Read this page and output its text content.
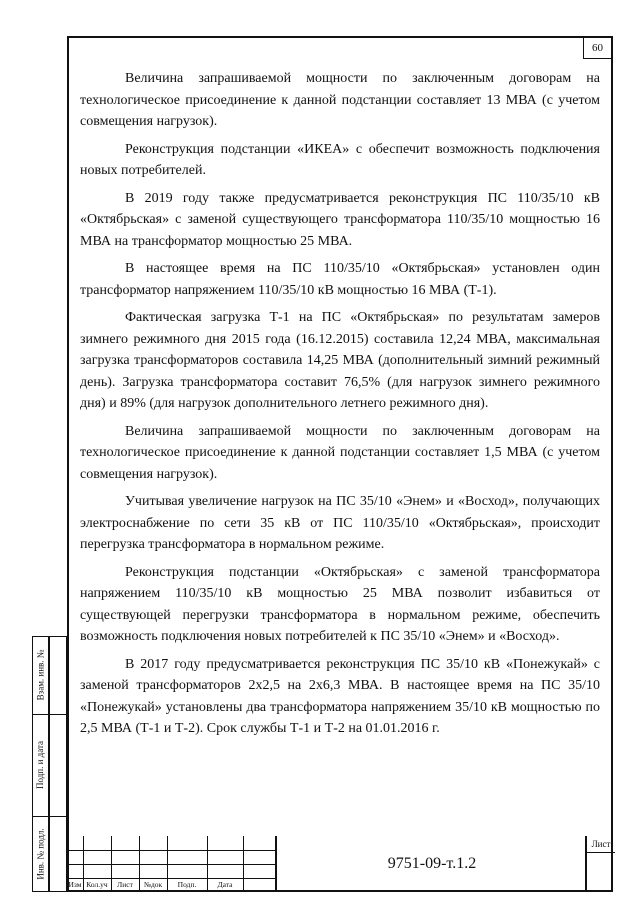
60

Величина запрашиваемой мощности по заключенным договорам на технологическое присоединение к данной подстанции составляет 13 МВА (с учетом совмещения нагрузок).

Реконструкция подстанции «ИКЕА» с обеспечит возможность подключения новых потребителей.

В 2019 году также предусматривается реконструкция ПС 110/35/10 кВ «Октябрьская» с заменой существующего трансформатора 110/35/10 мощностью 16 МВА на трансформатор мощностью 25 МВА.

В настоящее время на ПС 110/35/10 «Октябрьская» установлен один трансформатор напряжением 110/35/10 кВ мощностью 16 МВА (Т-1).

Фактическая загрузка Т-1 на ПС «Октябрьская» по результатам замеров зимнего режимного дня 2015 года (16.12.2015) составила 12,24 МВА, максимальная загрузка трансформаторов составила 14,25 МВА (дополнительный зимний режимный день). Загрузка трансформатора составит 76,5% (для нагрузок зимнего режимного дня) и 89% (для нагрузок дополнительного летнего режимного дня).

Величина запрашиваемой мощности по заключенным договорам на технологическое присоединение к данной подстанции составляет 1,5 МВА (с учетом совмещения нагрузок).

Учитывая увеличение нагрузок на ПС 35/10 «Энем» и «Восход», получающих электроснабжение по сети 35 кВ от ПС 110/35/10 «Октябрьская», происходит перегрузка трансформатора в нормальном режиме.

Реконструкция подстанции «Октябрьская» с заменой трансформатора напряжением 110/35/10 кВ мощностью 25 МВА позволит избавиться от существующей перегрузки трансформатора в нормальном режиме, обеспечить возможность подключения новых потребителей к ПС 35/10 «Энем» и «Восход».

В 2017 году предусматривается реконструкция ПС 35/10 кВ «Понежукай» с заменой трансформаторов 2х2,5 на 2х6,3 МВА. В настоящее время на ПС 35/10 «Понежукай» установлены два трансформатора напряжением 35/10 кВ мощностью по 2,5 МВА (Т-1 и Т-2). Срок службы Т-1 и Т-2 на 01.01.2016 г.

Взам. инв. №
Подп. и дата
Инв. № подл.
Изм Кол.уч	Лист	№док	Подп.	Дата
9751-09-т.1.2
Лист
